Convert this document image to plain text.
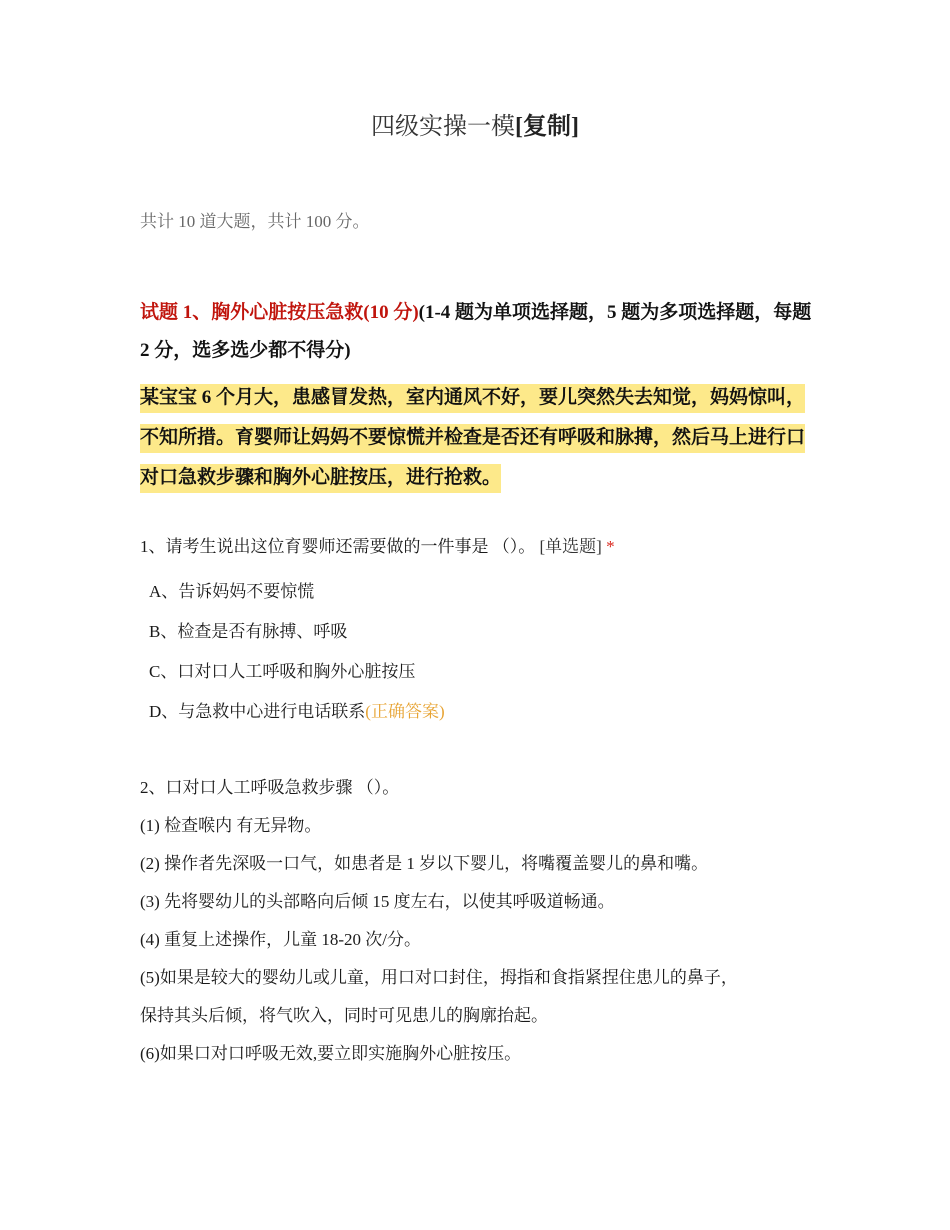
四级实操一模[复制]
共计 10 道大题，共计 100 分。
试题 1、胸外心脏按压急救(10 分)(1-4 题为单项选择题，5 题为多项选择题，每题 2 分，选多选少都不得分)
某宝宝 6 个月大，患感冒发热，室内通风不好，要儿突然失去知觉，妈妈惊叫，不知所措。育婴师让妈妈不要惊慌并检查是否还有呼吸和脉搏，然后马上进行口对口急救步骤和胸外心脏按压，进行抢救。
1、请考生说出这位育婴师还需要做的一件事是 （）。 [单选题] *
A、告诉妈妈不要惊慌
B、检查是否有脉搏、呼吸
C、口对口人工呼吸和胸外心脏按压
D、与急救中心进行电话联系(正确答案)
2、口对口人工呼吸急救步骤 （）。
(1) 检查喉内 有无异物。
(2) 操作者先深吸一口气，如患者是 1 岁以下婴儿，将嘴覆盖婴儿的鼻和嘴。
(3) 先将婴幼儿的头部略向后倾 15 度左右，以使其呼吸道畅通。
(4) 重复上述操作，儿童 18-20 次/分。
(5)如果是较大的婴幼儿或儿童，用口对口封住，拇指和食指紧捏住患儿的鼻子，
保持其头后倾，将气吹入，同时可见患儿的胸廓抬起。
(6)如果口对口呼吸无效,要立即实施胸外心脏按压。
